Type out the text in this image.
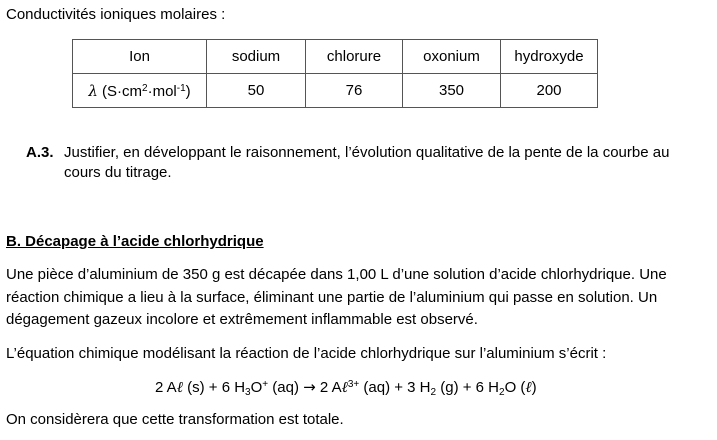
Conductivités ioniques molaires :
Ion	sodium	chlorure	oxonium	hydroxyde
λ $(S\cdot cm^2\cdot mol^{-1})$	50	76	350	200
A.3. Justifier, en développant le raisonnement, l’évolution qualitative de la pente de la courbe au
cours du titrage.
B. Décapage à l’acide chlorhydrique
Une pièce d’aluminium de 350 g est décapée dans 1,00 L d’une solution d’acide chlorhydrique. Une
réaction chimique a lieu à la surface, éliminant une partie de l’aluminium qui passe en solution. Un
dégagement gazeux incolore et extrêmement inflammable est observé.
L’équation chimique modélisant la réaction de l’acide chlorhydrique sur l’aluminium s’écrit :
2 Aℓ (s) + 6 $H_3O^+$ (aq) → 2 Aℓ$^{3+}$ (aq) + 3 $H_2$ (g) + 6 $H_2O$ (ℓ)
On considèrera que cette transformation est totale.
